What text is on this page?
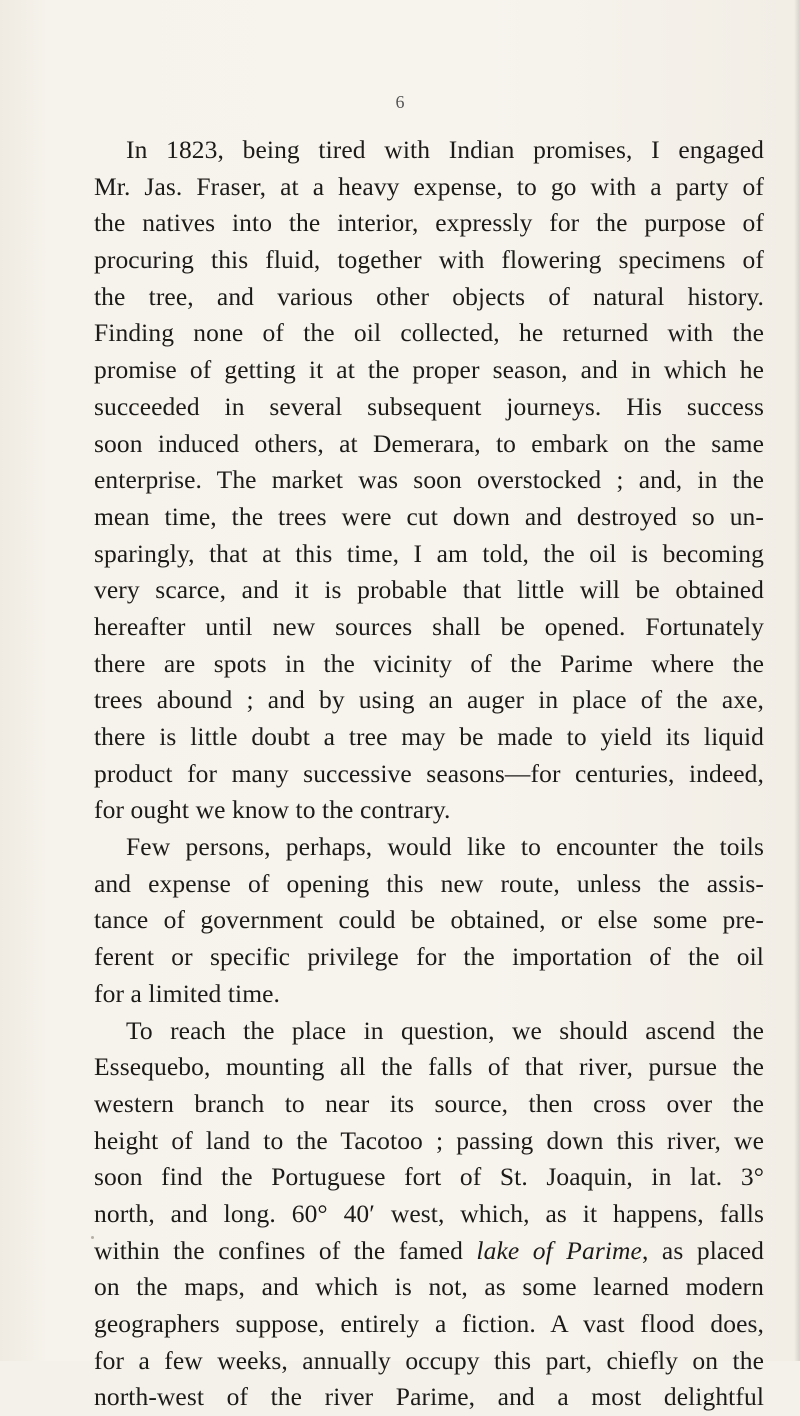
6
In 1823, being tired with Indian promises, I engaged
Mr. Jas. Fraser, at a heavy expense, to go with a party of
the natives into the interior, expressly for the purpose of
procuring this fluid, together with flowering specimens of
the tree, and various other objects of natural history.
Finding none of the oil collected, he returned with the
promise of getting it at the proper season, and in which he
succeeded in several subsequent journeys. His success
soon induced others, at Demerara, to embark on the same
enterprise. The market was soon overstocked ; and, in the
mean time, the trees were cut down and destroyed so un-
sparingly, that at this time, I am told, the oil is becoming
very scarce, and it is probable that little will be obtained
hereafter until new sources shall be opened. Fortunately
there are spots in the vicinity of the Parime where the
trees abound ; and by using an auger in place of the axe,
there is little doubt a tree may be made to yield its liquid
product for many successive seasons—for centuries, indeed,
for ought we know to the contrary.
Few persons, perhaps, would like to encounter the toils
and expense of opening this new route, unless the assis-
tance of government could be obtained, or else some pre-
ferent or specific privilege for the importation of the oil
for a limited time.
To reach the place in question, we should ascend the
Essequebo, mounting all the falls of that river, pursue the
western branch to near its source, then cross over the
height of land to the Tacotoo ; passing down this river, we
soon find the Portuguese fort of St. Joaquin, in lat. 3°
north, and long. 60° 40′ west, which, as it happens, falls
within the confines of the famed lake of Parime, as placed
on the maps, and which is not, as some learned modern
geographers suppose, entirely a fiction. A vast flood does,
for a few weeks, annually occupy this part, chiefly on the
north-west of the river Parime, and a most delightful
